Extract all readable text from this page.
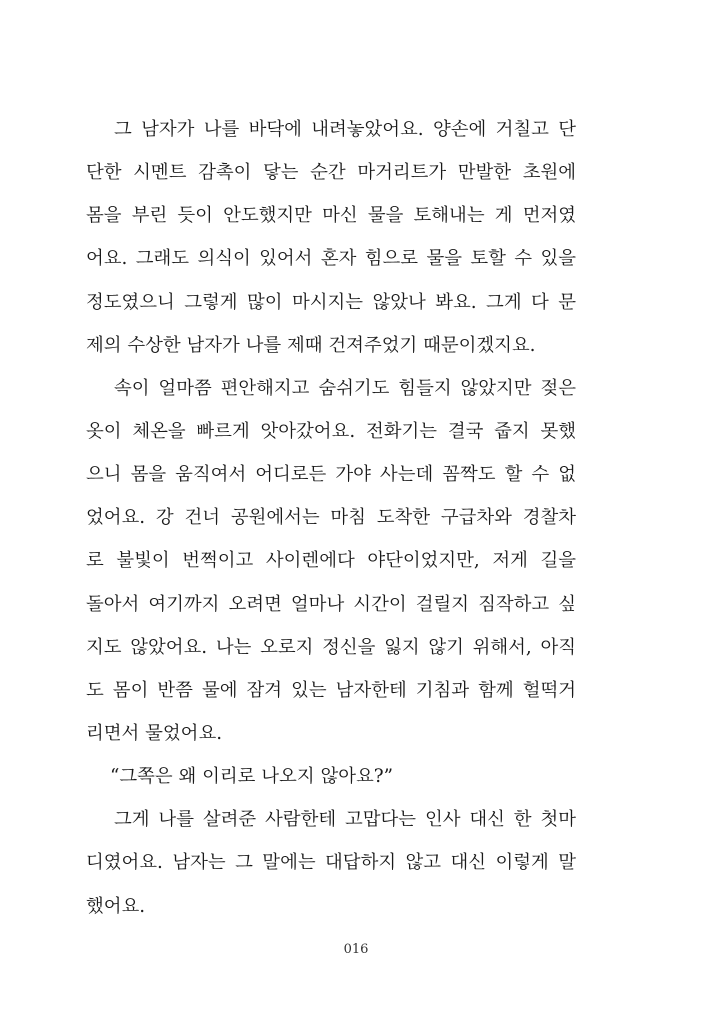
그 남자가 나를 바닥에 내려놓았어요. 양손에 거칠고 단
단한 시멘트 감촉이 닿는 순간 마거리트가 만발한 초원에
몸을 부린 듯이 안도했지만 마신 물을 토해내는 게 먼저였
어요. 그래도 의식이 있어서 혼자 힘으로 물을 토할 수 있을
정도였으니 그렇게 많이 마시지는 않았나 봐요. 그게 다 문
제의 수상한 남자가 나를 제때 건져주었기 때문이겠지요.
속이 얼마쯤 편안해지고 숨쉬기도 힘들지 않았지만 젖은
옷이 체온을 빠르게 앗아갔어요. 전화기는 결국 줍지 못했
으니 몸을 움직여서 어디로든 가야 사는데 꼼짝도 할 수 없
었어요. 강 건너 공원에서는 마침 도착한 구급차와 경찰차
로 불빛이 번쩍이고 사이렌에다 야단이었지만, 저게 길을
돌아서 여기까지 오려면 얼마나 시간이 걸릴지 짐작하고 싶
지도 않았어요. 나는 오로지 정신을 잃지 않기 위해서, 아직
도 몸이 반쯤 물에 잠겨 있는 남자한테 기침과 함께 헐떡거
리면서 물었어요.
“그쪽은 왜 이리로 나오지 않아요?”
그게 나를 살려준 사람한테 고맙다는 인사 대신 한 첫마
디였어요. 남자는 그 말에는 대답하지 않고 대신 이렇게 말
했어요.
016
